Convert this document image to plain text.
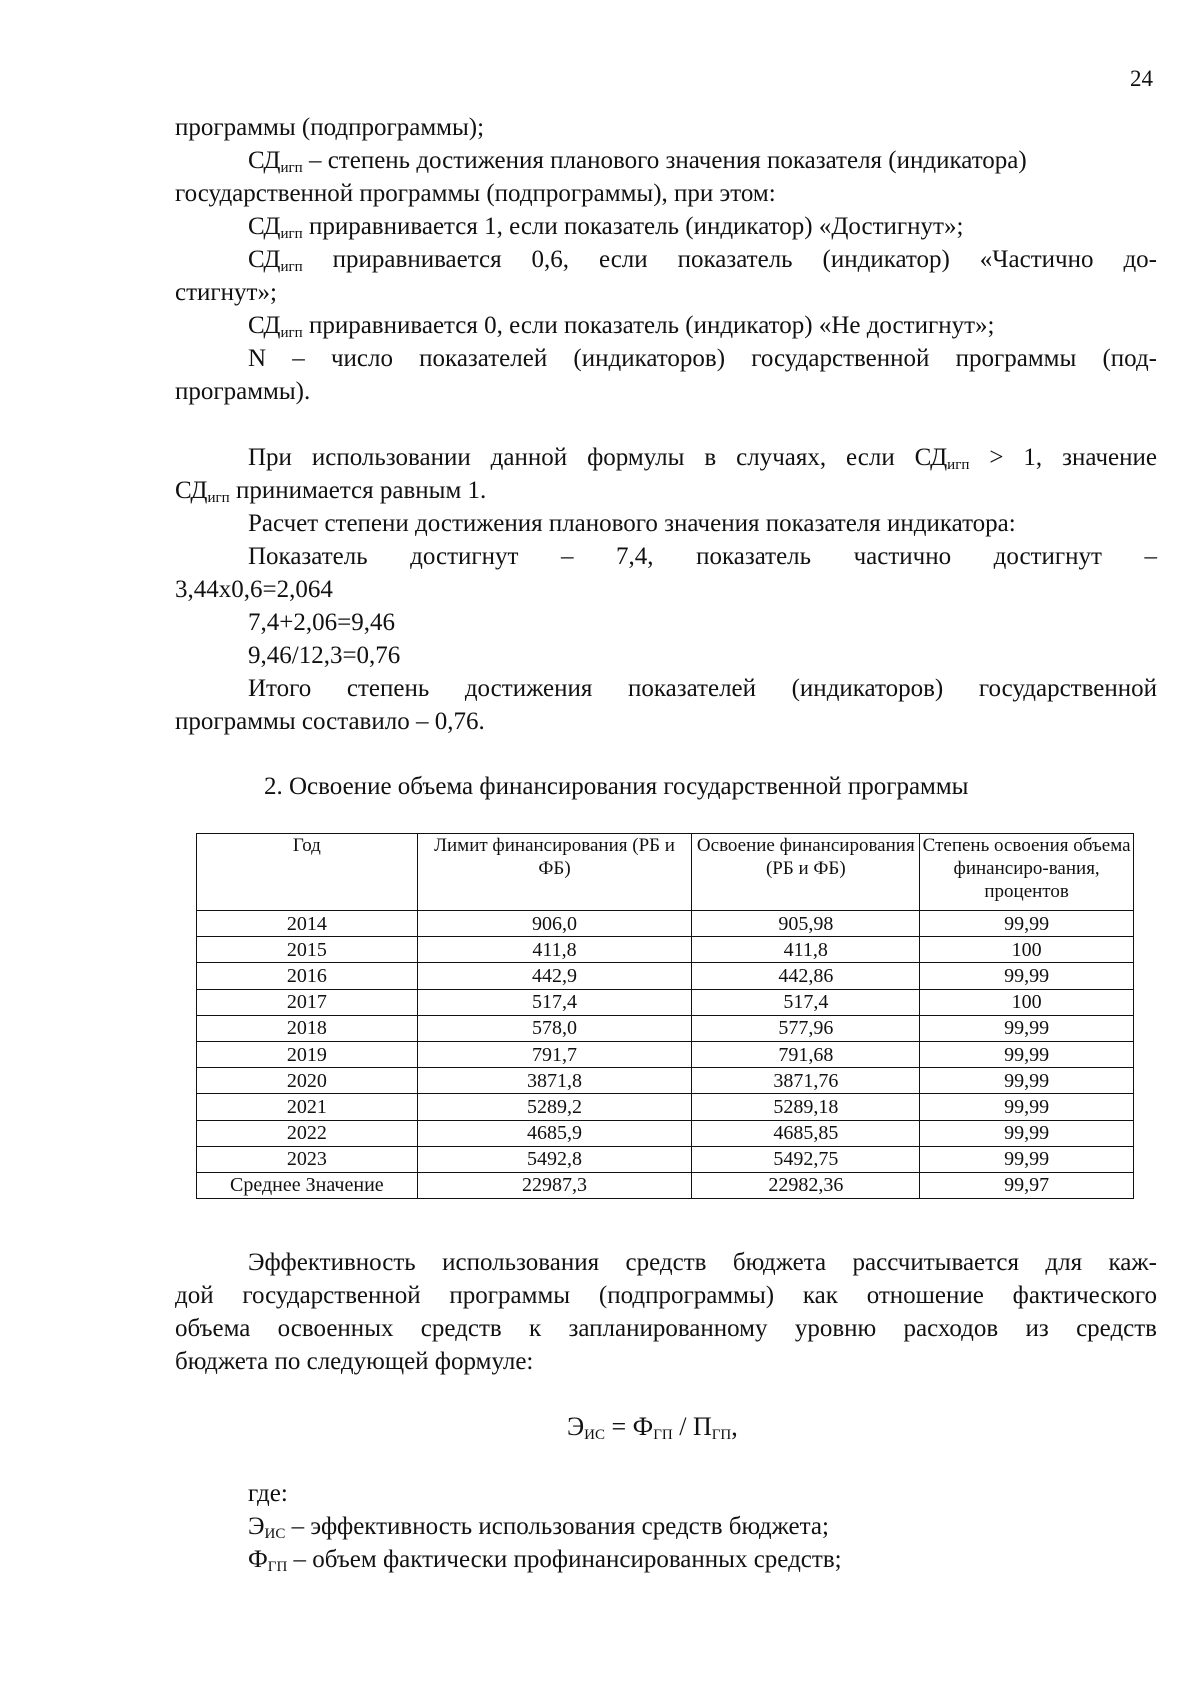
24
программы (подпрограммы);
$СД_{игп}$ – степень достижения планового значения показателя (индикатора)
государственной программы (подпрограммы), при этом:
$СД_{игп}$ приравнивается 1, если показатель (индикатор) «Достигнут»;
$СД_{игп}$ приравнивается 0,6, если показатель (индикатор) «Частично до-
стигнут»;
$СД_{игп}$ приравнивается 0, если показатель (индикатор) «Не достигнут»;
N – число показателей (индикаторов) государственной программы (под-
программы).
При использовании данной формулы в случаях, если $СД_{игп} > 1$, значение
$СД_{игп}$ принимается равным 1.
Расчет степени достижения планового значения показателя индикатора:
Показатель достигнут – 7,4, показатель частично достигнут –
3,44х0,6=2,064
7,4+2,06=9,46
9,46/12,3=0,76
Итого степень достижения показателей (индикаторов) государственной
программы составило – 0,76.
2. Освоение объема финансирования государственной программы
Год	Лимит финансирования (РБ и ФБ)	Освоение финансирования (РБ и ФБ)	Степень освоения объема финансиро-вания, процентов
2014	906,0	905,98	99,99
2015	411,8	411,8	100
2016	442,9	442,86	99,99
2017	517,4	517,4	100
2018	578,0	577,96	99,99
2019	791,7	791,68	99,99
2020	3871,8	3871,76	99,99
2021	5289,2	5289,18	99,99
2022	4685,9	4685,85	99,99
2023	5492,8	5492,75	99,99
Среднее Значение	22987,3	22982,36	99,97
Эффективность использования средств бюджета рассчитывается для каж-
дой государственной программы (подпрограммы) как отношение фактического
объема освоенных средств к запланированному уровню расходов из средств
бюджета по следующей формуле:
$Э_{ИС} = Ф_{ГП} / П_{ГП}$,
где:
$Э_{ИС}$ – эффективность использования средств бюджета;
$Ф_{ГП}$ – объем фактически профинансированных средств;
